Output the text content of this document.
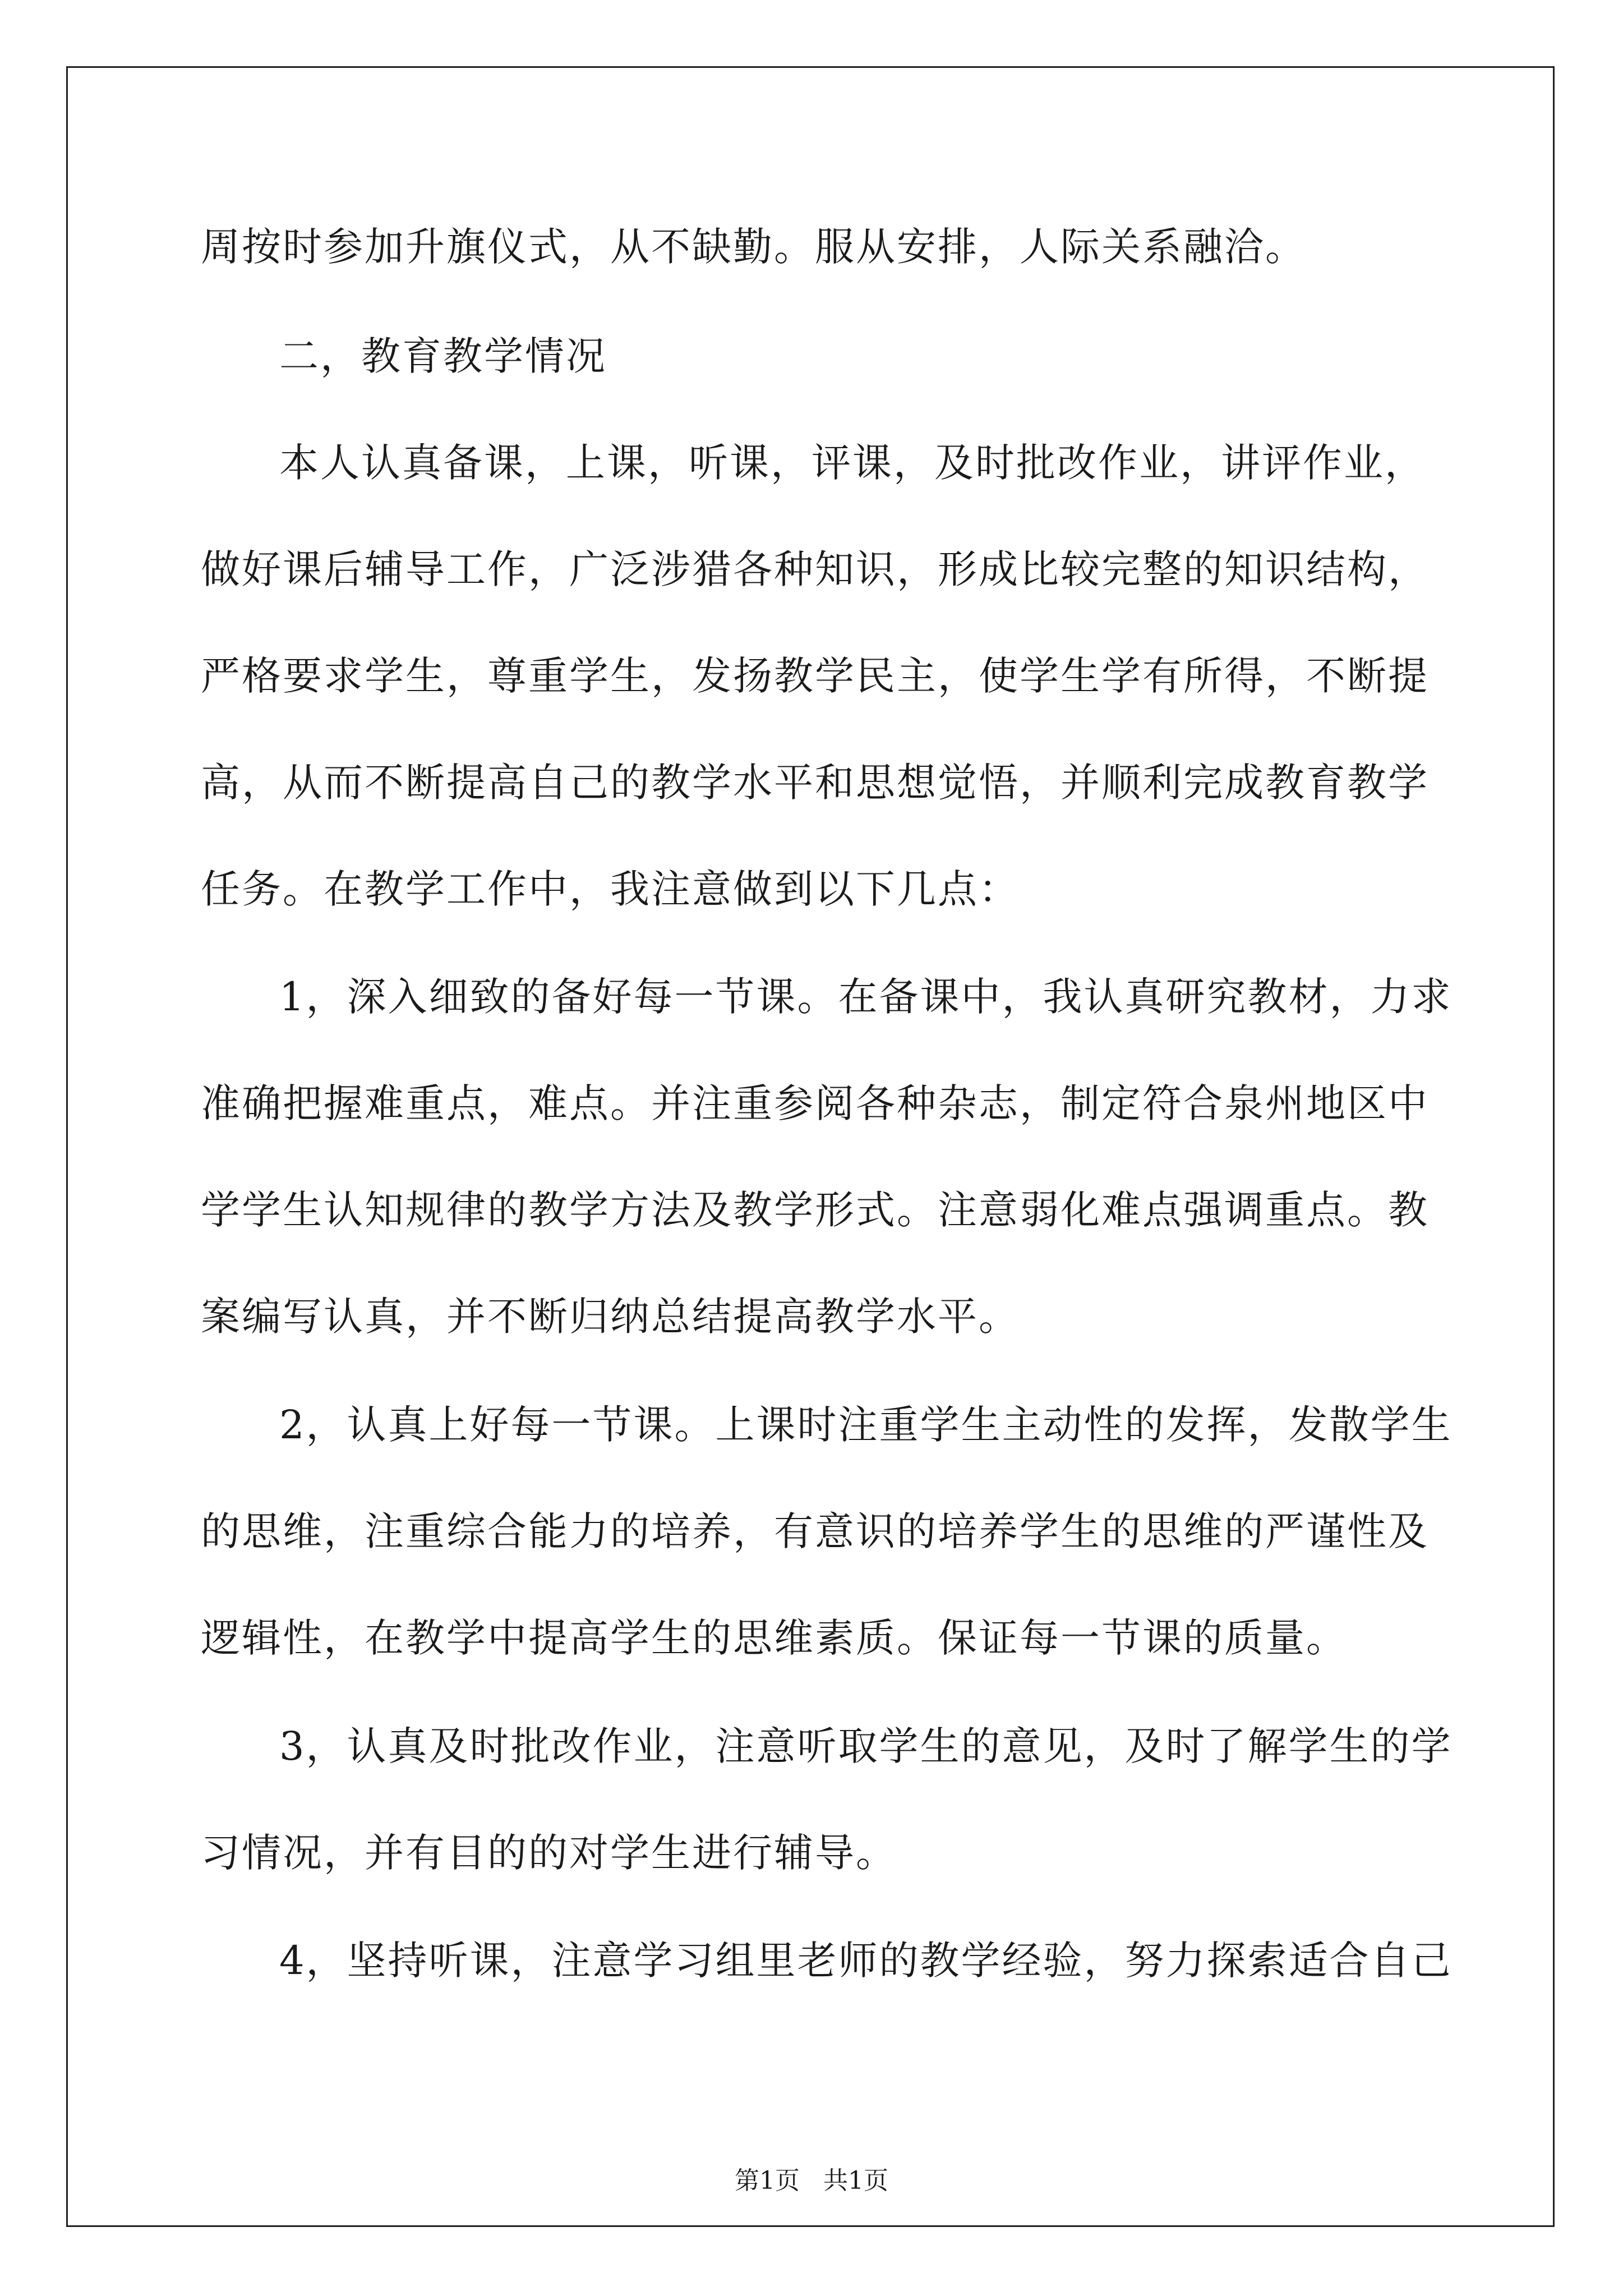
周按时参加升旗仪式，从不缺勤。服从安排，人际关系融洽。
二，教育教学情况
本人认真备课，上课，听课，评课，及时批改作业，讲评作业，
做好课后辅导工作，广泛涉猎各种知识，形成比较完整的知识结构，
严格要求学生，尊重学生，发扬教学民主，使学生学有所得，不断提
高，从而不断提高自己的教学水平和思想觉悟，并顺利完成教育教学
任务。在教学工作中，我注意做到以下几点：
1，深入细致的备好每一节课。在备课中，我认真研究教材，力求
准确把握难重点，难点。并注重参阅各种杂志，制定符合泉州地区中
学学生认知规律的教学方法及教学形式。注意弱化难点强调重点。教
案编写认真，并不断归纳总结提高教学水平。
2，认真上好每一节课。上课时注重学生主动性的发挥，发散学生
的思维，注重综合能力的培养，有意识的培养学生的思维的严谨性及
逻辑性，在教学中提高学生的思维素质。保证每一节课的质量。
3，认真及时批改作业，注意听取学生的意见，及时了解学生的学
习情况，并有目的的对学生进行辅导。
4，坚持听课，注意学习组里老师的教学经验，努力探索适合自己
第1页   共1页
